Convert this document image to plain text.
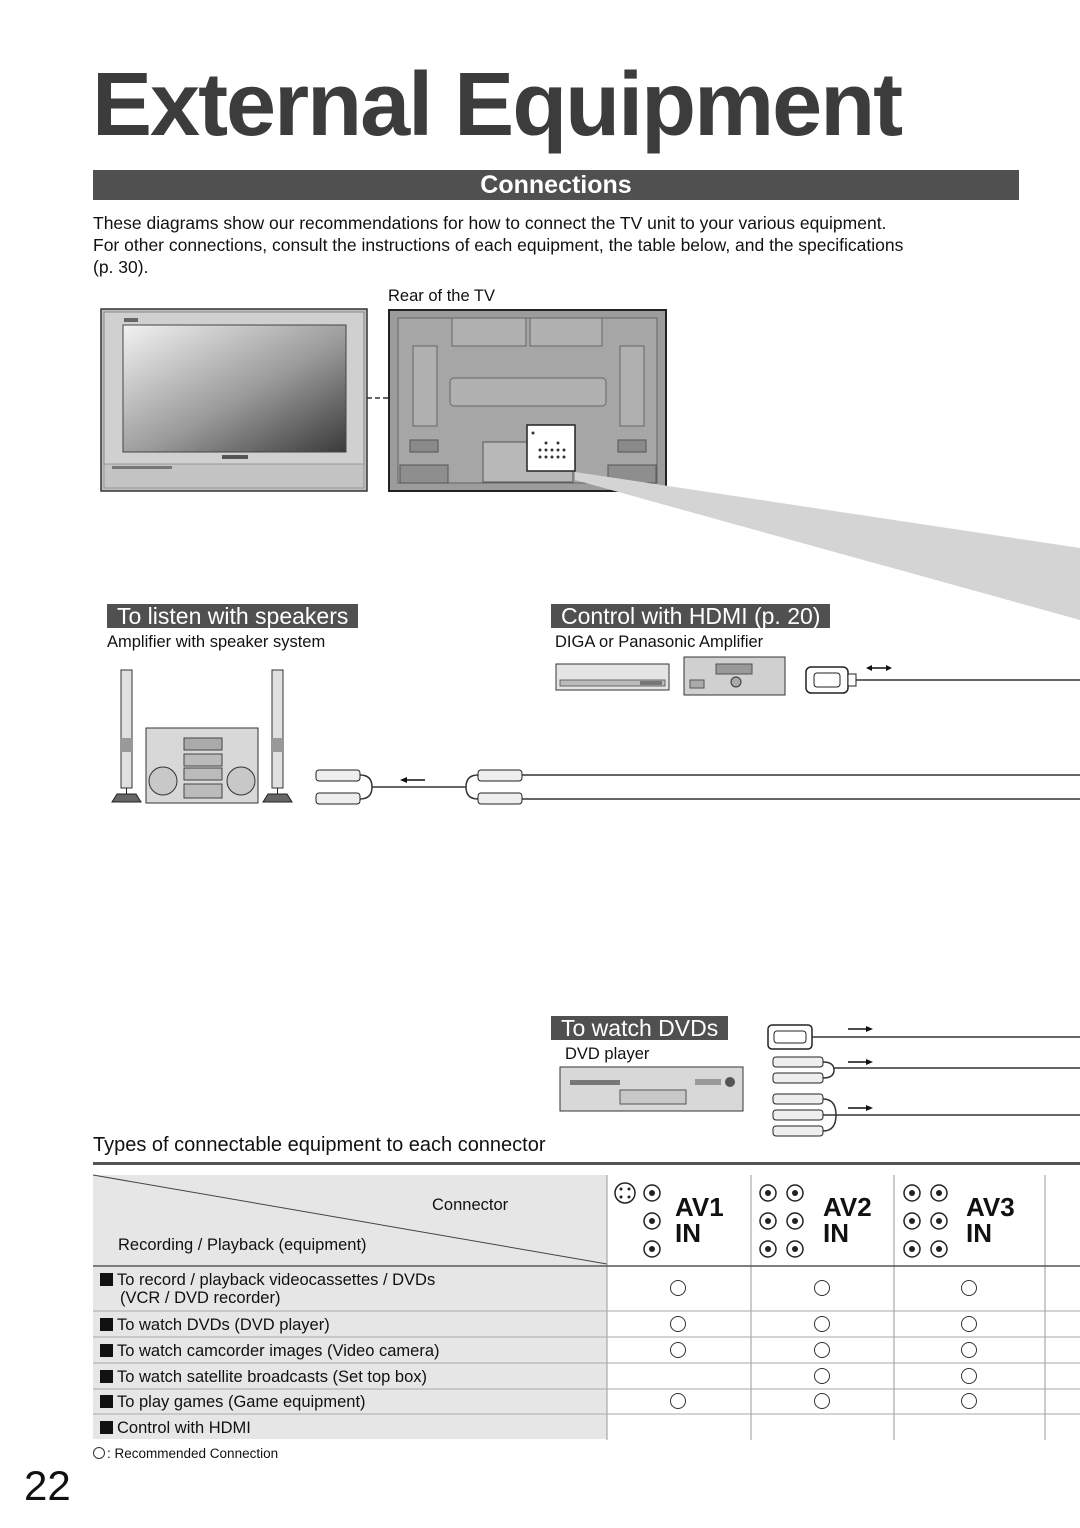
External Equipment
Connections
These diagrams show our recommendations for how to connect the TV unit to your various equipment.
For other connections, consult the instructions of each equipment, the table below, and the specifications
(p. 30).
Rear of the TV
To listen with speakers
Amplifier with speaker system
Control with HDMI (p. 20)
DIGA or Panasonic Amplifier
To watch DVDs
DVD player
Types of connectable equipment to each connector
Connector
Recording / Playback (equipment)
AV1
IN
AV2
IN
AV3
IN
To record / playback videocassettes / DVDs
(VCR / DVD recorder)
To watch DVDs (DVD player)
To watch camcorder images (Video camera)
To watch satellite broadcasts (Set top box)
To play games (Game equipment)
Control with HDMI
: Recommended Connection
22
